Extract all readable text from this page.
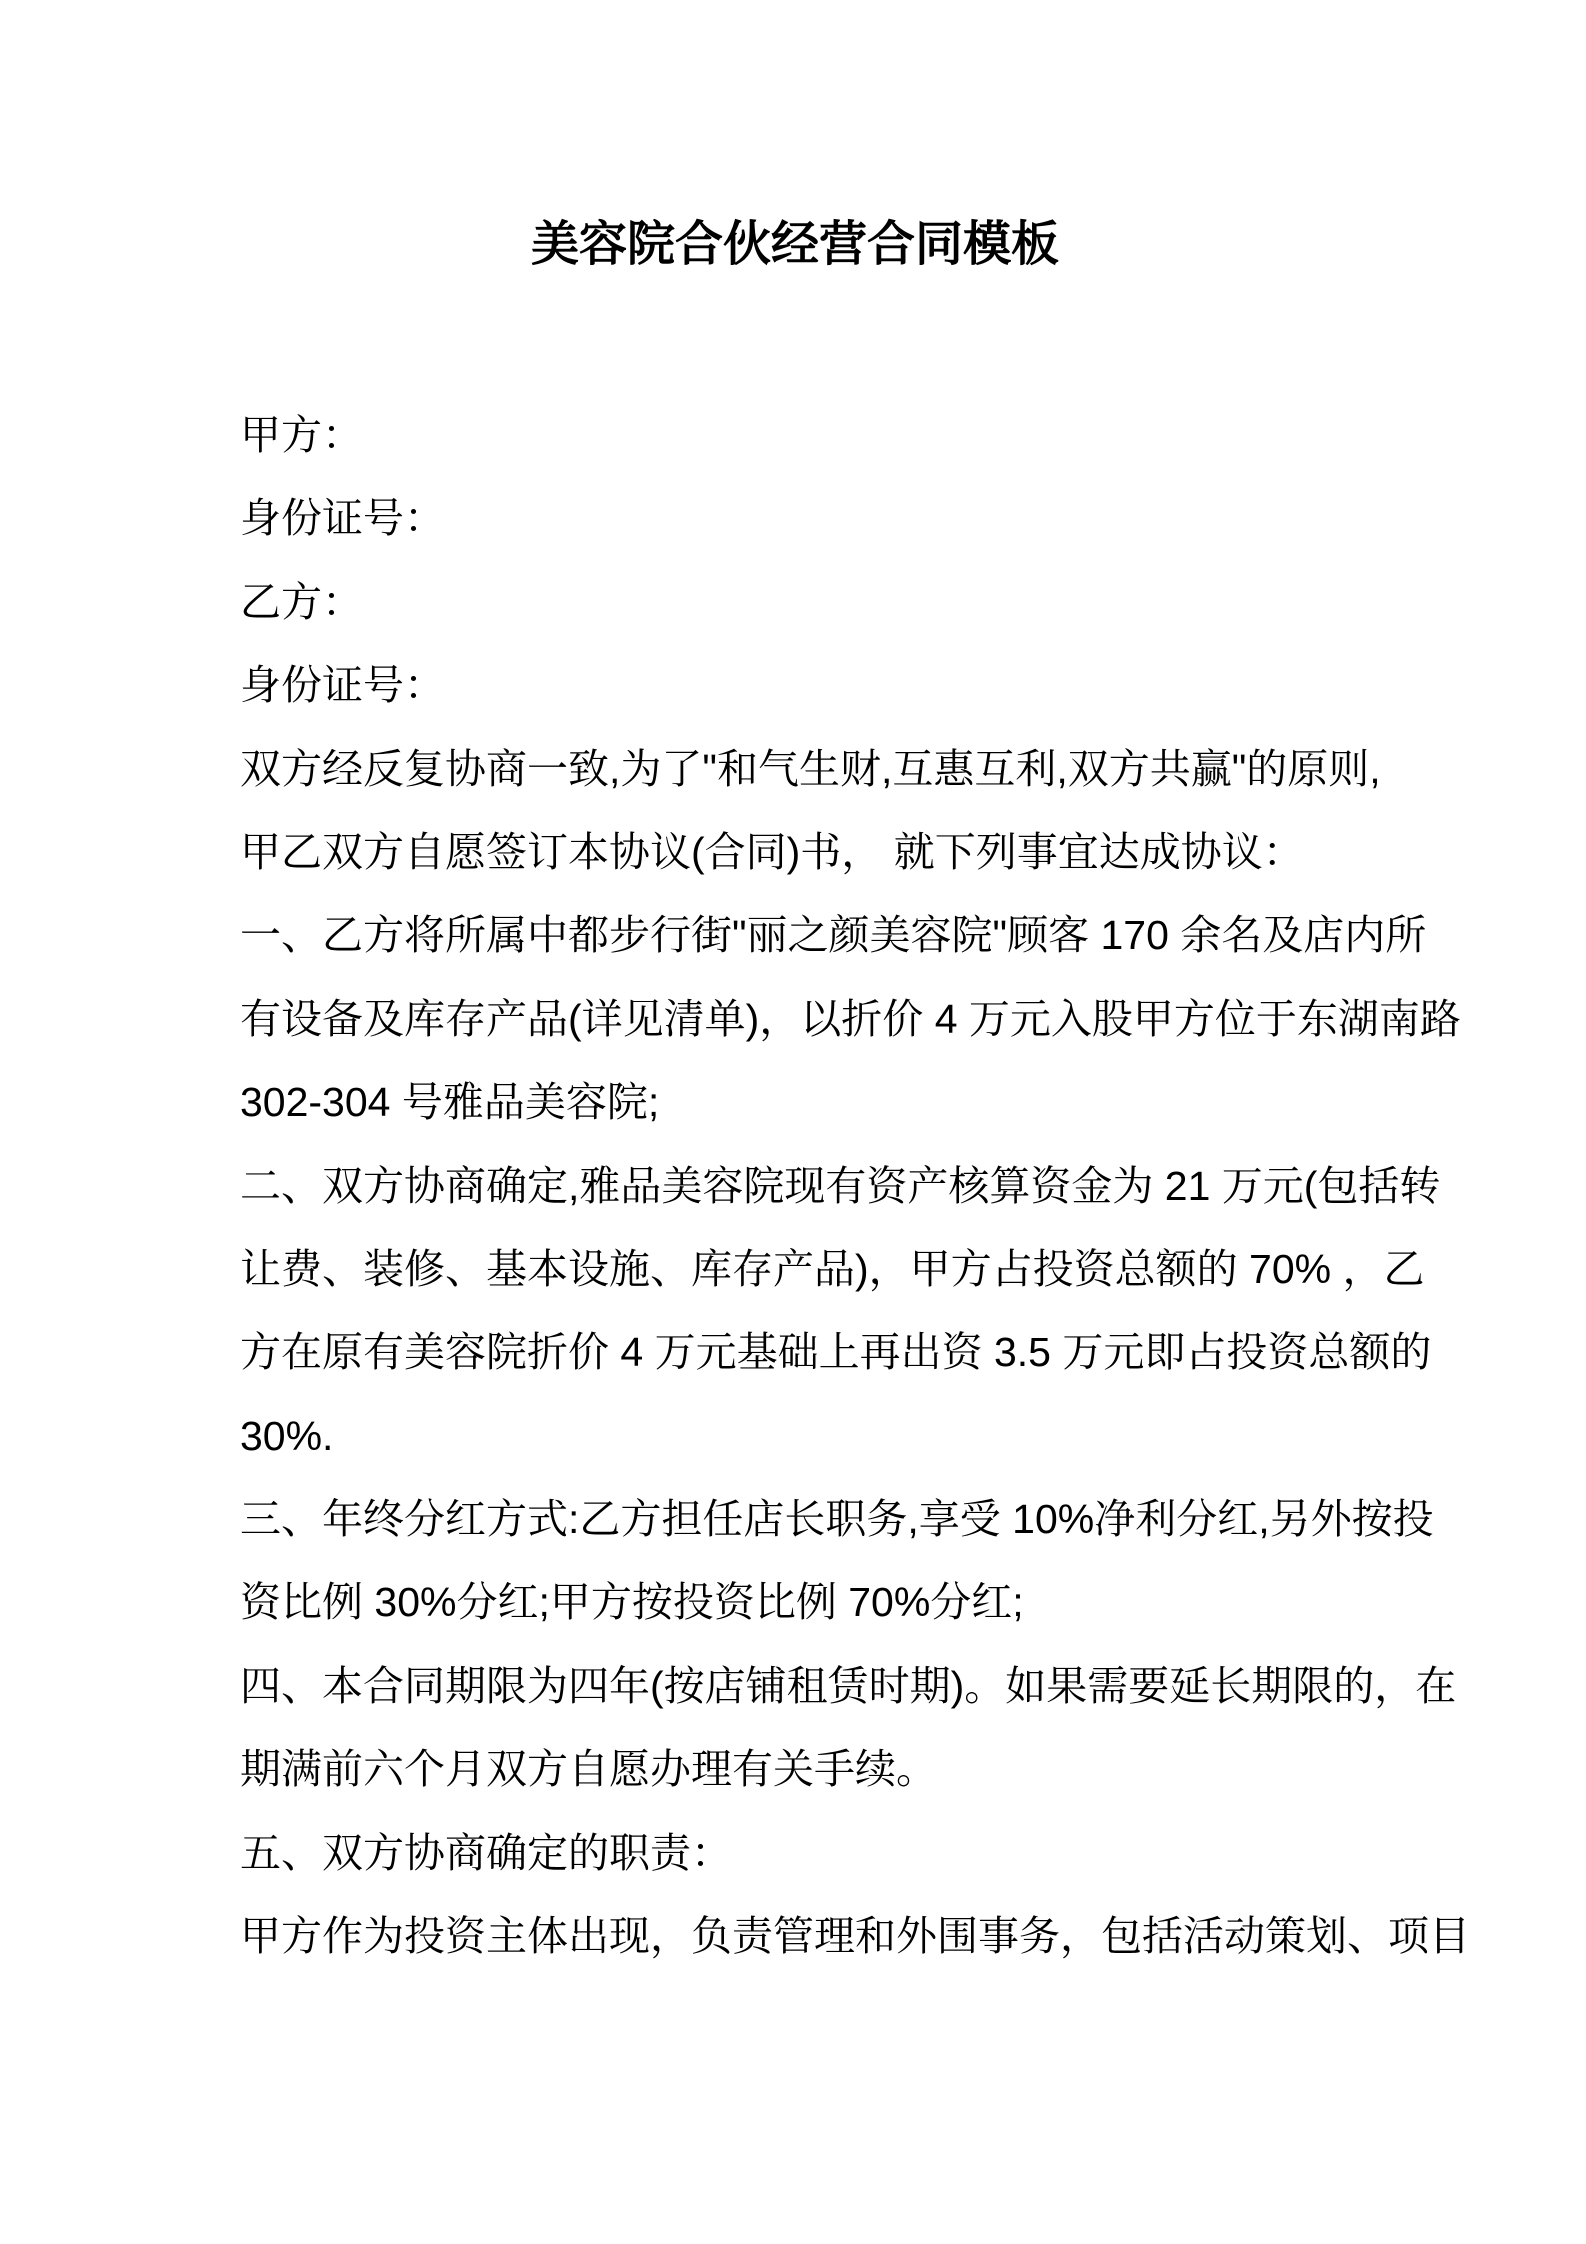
美容院合伙经营合同模板
甲方：
身份证号：
乙方：
身份证号：
双方经反复协商一致,为了"和气生财,互惠互利,双方共赢"的原则,
甲乙双方自愿签订本协议(合同)书， 就下列事宜达成协议：
一、乙方将所属中都步行街"丽之颜美容院"顾客 170 余名及店内所
有设备及库存产品(详见清单)，以折价 4 万元入股甲方位于东湖南路
302-304 号雅品美容院;
二、双方协商确定,雅品美容院现有资产核算资金为 21 万元(包括转
让费、装修、基本设施、库存产品)，甲方占投资总额的 70% ，乙
方在原有美容院折价 4 万元基础上再出资 3.5 万元即占投资总额的
30%.
三、年终分红方式:乙方担任店长职务,享受 10%净利分红,另外按投
资比例 30%分红;甲方按投资比例 70%分红;
四、本合同期限为四年(按店铺租赁时期)。如果需要延长期限的，在
期满前六个月双方自愿办理有关手续。
五、双方协商确定的职责：
甲方作为投资主体出现，负责管理和外围事务，包括活动策划、项目
